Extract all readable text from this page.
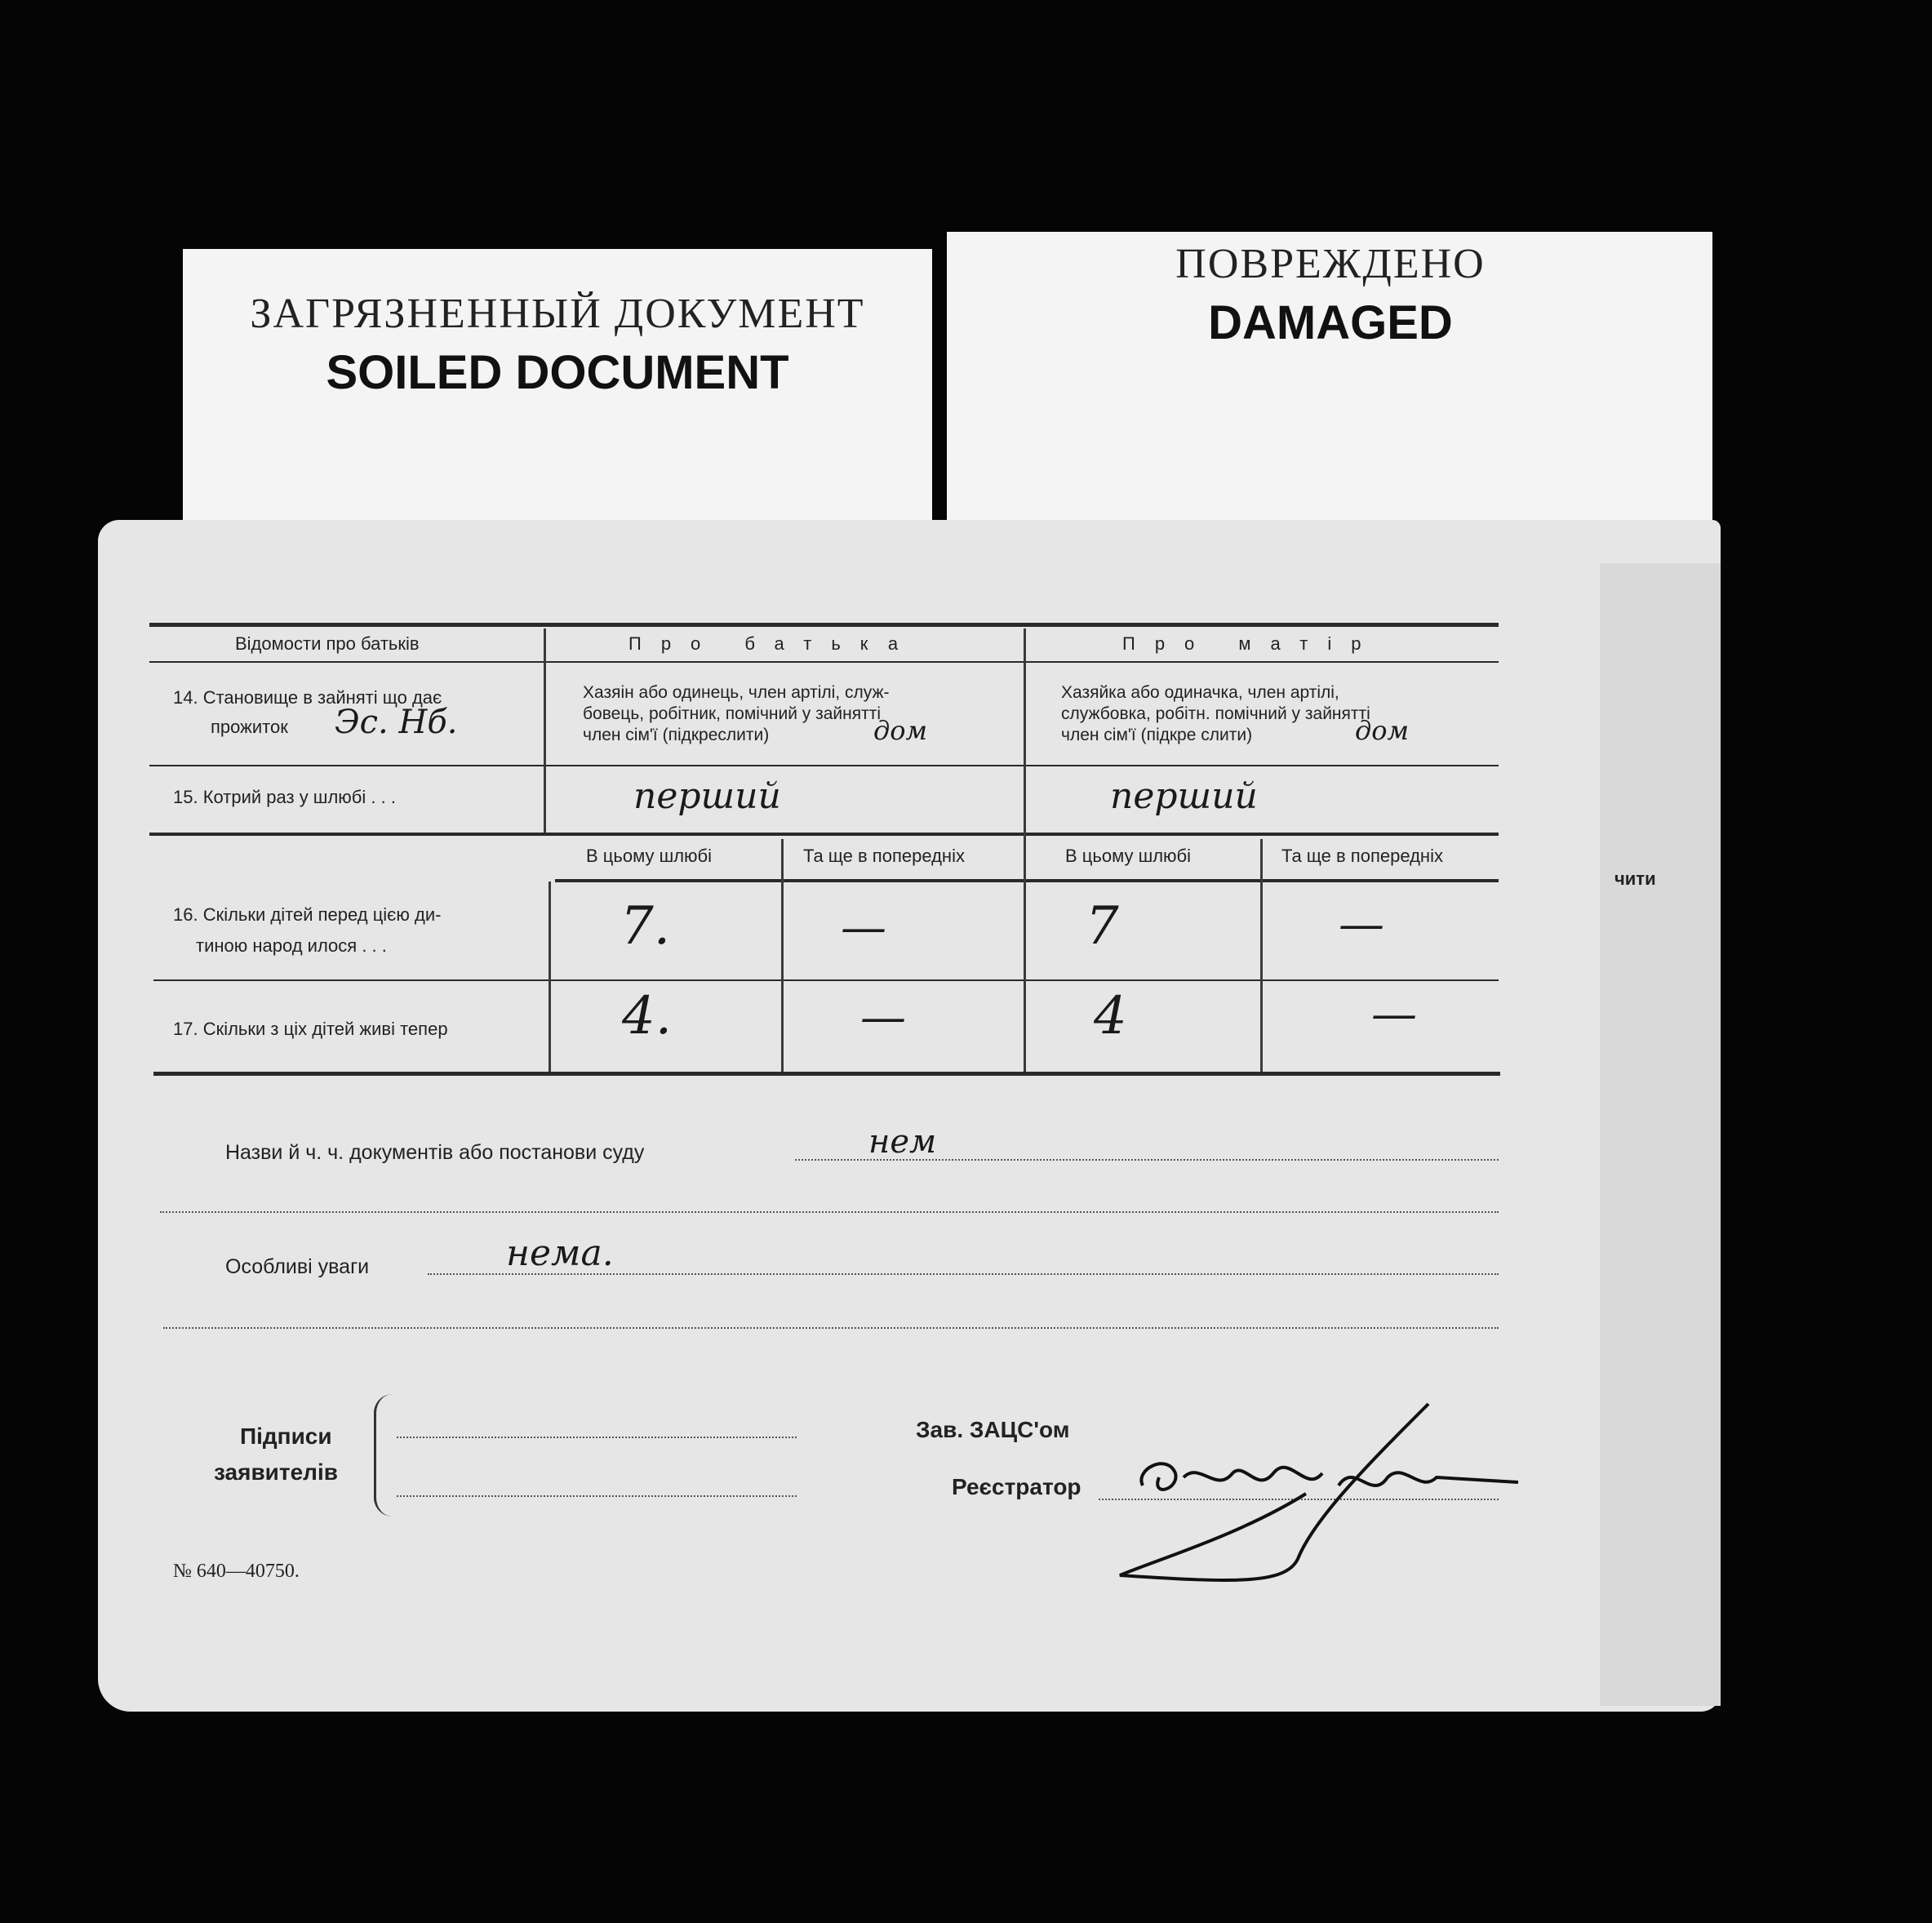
ЗАГРЯЗНЕННЫЙ ДОКУМЕНТ
SOILED DOCUMENT
ПОВРЕЖДЕНО
DAMAGED
Відомости про батьків	Про батька	Про матір
14. Становище в зайняті що дає
прожиток Эс. Нб.
Хазяін або одинець, член артілі, служ-
бовець, робітник, помічний у зайнятті
член сім'ї (підкреслити)	дом
Хазяйка або одиначка, член артілі,
службовка, робітн. помічний у зайнятті
член сім'ї (підкре слити)	дом
15. Котрий раз у шлюбі . . .	перший	перший
В цьому шлюбі	Та ще в попередніх	В цьому шлюбі	Та ще в попередніх
16. Скільки дітей перед цією ди-
тиною народ илося . . .	7.	—	7	—
17. Скільки з ціх дітей живі тепер	4.	—	4	—
Назви й ч. ч. документів або постанови суду	нем
Особливі уваги	нема.
Підписи
заявителів
Зав. ЗАЦС'ом
Реєстратор
№ 640—40750.
чити
